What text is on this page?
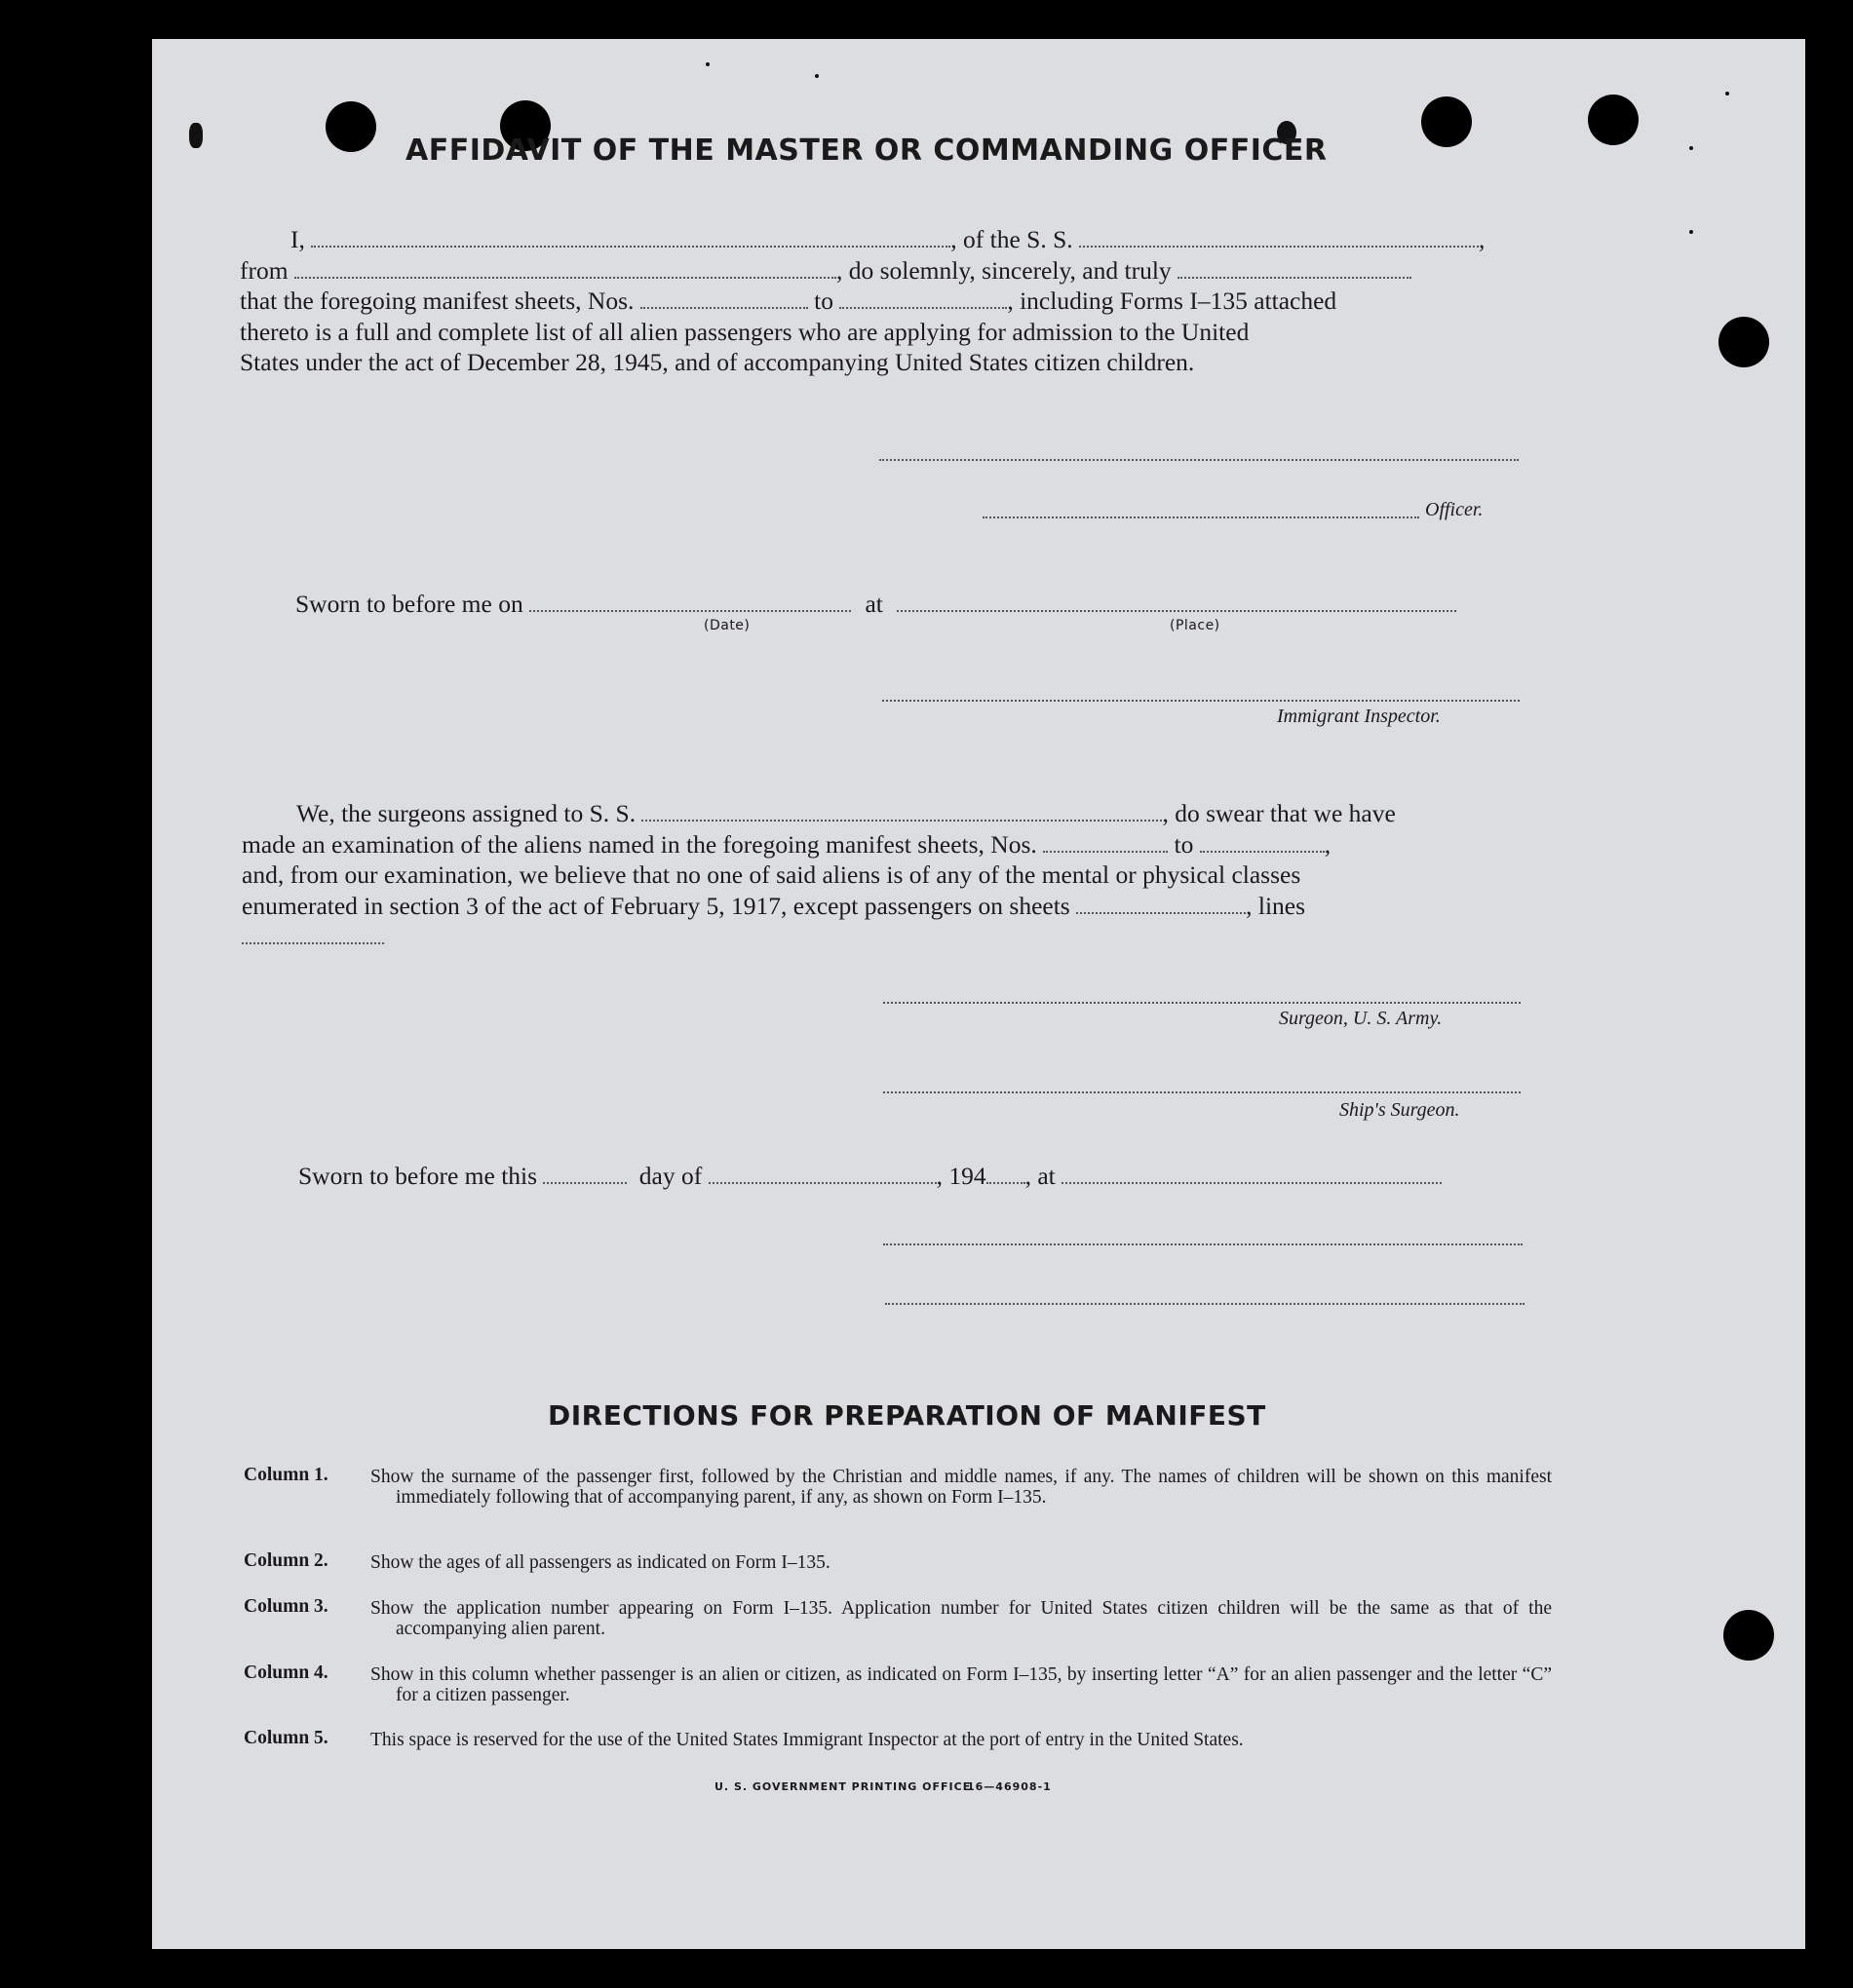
AFFIDAVIT OF THE MASTER OR COMMANDING OFFICER
I,	, of the S. S.	,
from	, do solemnly, sincerely, and truly
that the foregoing manifest sheets, Nos.	to	, including Forms I–135 attached
thereto is a full and complete list of all alien passengers who are applying for admission to the United
States under the act of December 28, 1945, and of accompanying United States citizen children.
Officer.
Sworn to before me on	at
(Date)	(Place)
Immigrant Inspector.
We, the surgeons assigned to S. S.	, do swear that we have
made an examination of the aliens named in the foregoing manifest sheets, Nos.	to	,
and, from our examination, we believe that no one of said aliens is of any of the mental or physical classes
enumerated in section 3 of the act of February 5, 1917, except passengers on sheets	, lines
Surgeon, U. S. Army.
Ship's Surgeon.
Sworn to before me this	day of	, 194 , at
DIRECTIONS FOR PREPARATION OF MANIFEST
Column 1. Show the surname of the passenger first, followed by the Christian and middle names, if any. The names of children will be shown on this manifest immediately following that of accompanying parent, if any, as shown on Form I–135.
Column 2. Show the ages of all passengers as indicated on Form I–135.
Column 3. Show the application number appearing on Form I–135. Application number for United States citizen children will be the same as that of the accompanying alien parent.
Column 4. Show in this column whether passenger is an alien or citizen, as indicated on Form I–135, by inserting letter “A” for an alien passenger and the letter “C” for a citizen passenger.
Column 5. This space is reserved for the use of the United States Immigrant Inspector at the port of entry in the United States.
U. S. GOVERNMENT PRINTING OFFICE
16—46908-1
